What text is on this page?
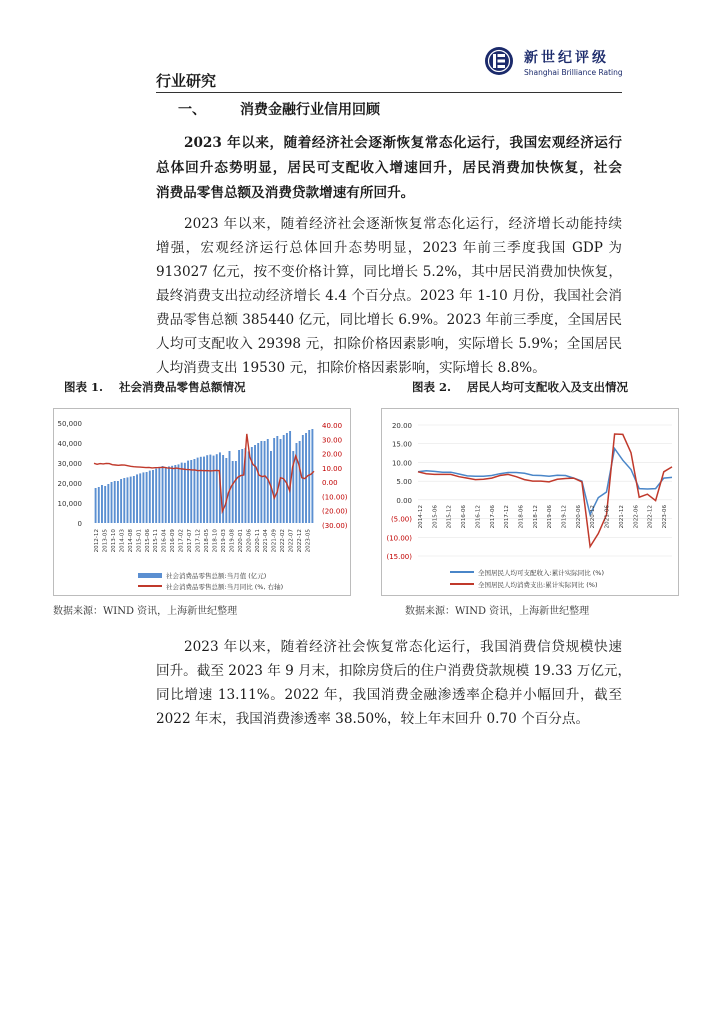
行业研究
新世纪评级
Shanghai Brilliance Rating
一、 消费金融行业信用回顾
2023 年以来，随着经济社会逐渐恢复常态化运行，我国宏观经济运行
总体回升态势明显，居民可支配收入增速回升，居民消费加快恢复，社会
消费品零售总额及消费贷款增速有所回升。
2023 年以来，随着经济社会逐渐恢复常态化运行，经济增长动能持续
增强，宏观经济运行总体回升态势明显，2023 年前三季度我国 GDP 为
913027 亿元，按不变价格计算，同比增长 5.2%，其中居民消费加快恢复，
最终消费支出拉动经济增长 4.4 个百分点。2023 年 1-10 月份，我国社会消
费品零售总额 385440 亿元，同比增长 6.9%。2023 年前三季度，全国居民
人均可支配收入 29398 元，扣除价格因素影响，实际增长 5.9%；全国居民
人均消费支出 19530 元，扣除价格因素影响，实际增长 8.8%。
图表 1. 社会消费品零售总额情况	图表 2. 居民人均可支配收入及支出情况
50,000
40,000
30,000
20,000
10,000
0
40.00
30.00
20.00
10.00
0.00
(10.00)
(20.00)
(30.00)
2012-12 2013-05 2013-10 2014-03 2014-08 2015-01 2015-06 2015-11 2016-04 2016-09 2017-02 2017-07 2017-12 2018-05 2018-10 2019-03 2019-08 2020-01 2020-06 2020-11 2021-04 2021-09 2022-02 2022-07 2022-12 2023-05
社会消费品零售总额:当月值 (亿元)
社会消费品零售总额:当月同比 (%, 右轴)
20.00
15.00
10.00
5.00
0.00
(5.00)
(10.00)
(15.00)
2014-12 2015-06 2015-12 2016-06 2016-12 2017-06 2017-12 2018-06 2018-12 2019-06 2019-12 2020-06 2020-12 2021-06 2021-12 2022-06 2022-12 2023-06
全国居民人均可支配收入:累计实际同比 (%)
全国居民人均消费支出:累计实际同比 (%)
数据来源：WIND 资讯，上海新世纪整理	数据来源：WIND 资讯，上海新世纪整理
2023 年以来，随着经济社会恢复常态化运行，我国消费信贷规模快速
回升。截至 2023 年 9 月末，扣除房贷后的住户消费贷款规模 19.33 万亿元，
同比增速 13.11%。2022 年，我国消费金融渗透率企稳并小幅回升，截至
2022 年末，我国消费渗透率 38.50%，较上年末回升 0.70 个百分点。
